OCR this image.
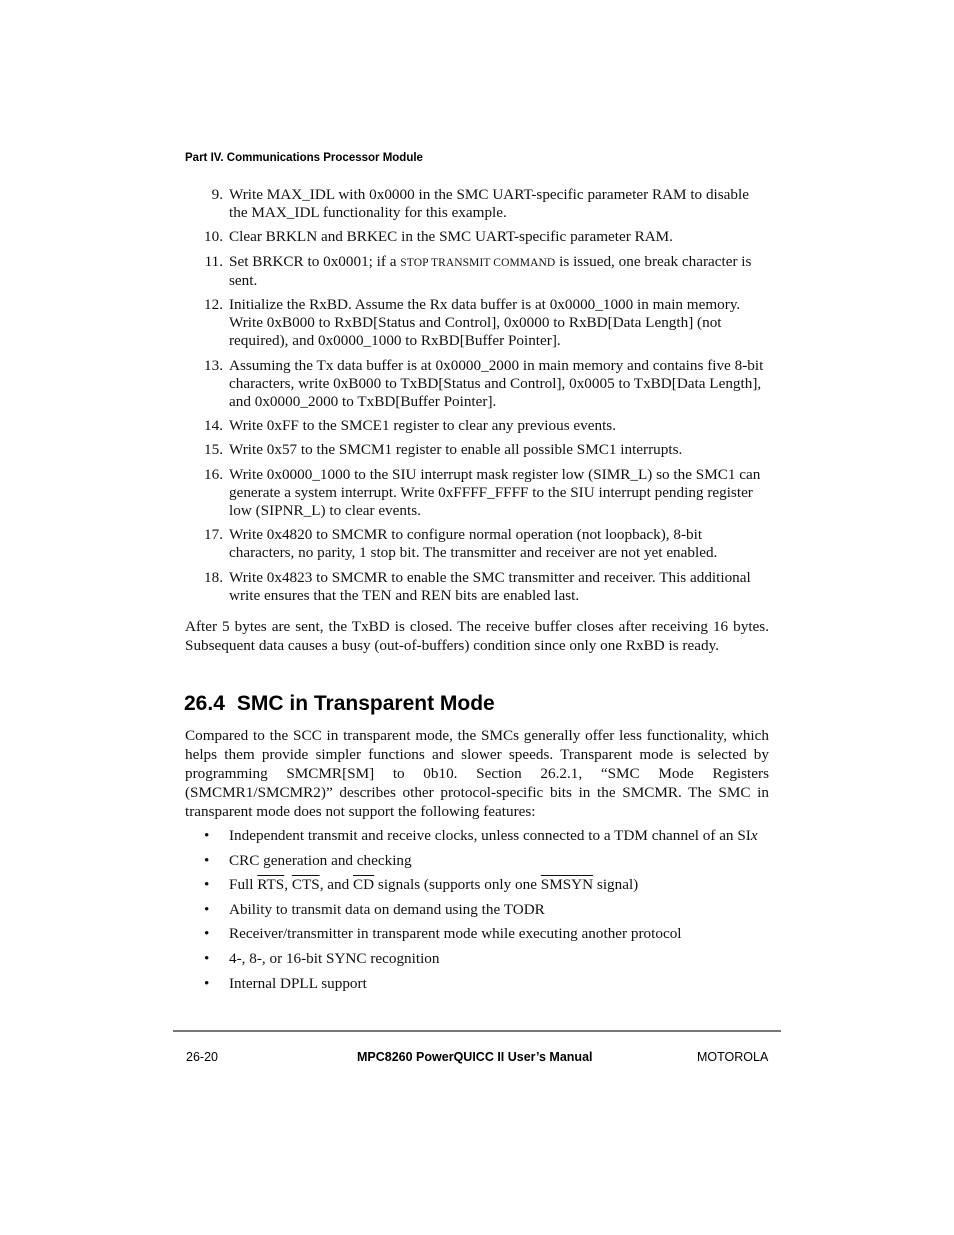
Part IV. Communications Processor Module
9. Write MAX_IDL with 0x0000 in the SMC UART-specific parameter RAM to disable the MAX_IDL functionality for this example.
10. Clear BRKLN and BRKEC in the SMC UART-specific parameter RAM.
11. Set BRKCR to 0x0001; if a STOP TRANSMIT COMMAND is issued, one break character is sent.
12. Initialize the RxBD. Assume the Rx data buffer is at 0x0000_1000 in main memory. Write 0xB000 to RxBD[Status and Control], 0x0000 to RxBD[Data Length] (not required), and 0x0000_1000 to RxBD[Buffer Pointer].
13. Assuming the Tx data buffer is at 0x0000_2000 in main memory and contains five 8-bit characters, write 0xB000 to TxBD[Status and Control], 0x0005 to TxBD[Data Length], and 0x0000_2000 to TxBD[Buffer Pointer].
14. Write 0xFF to the SMCE1 register to clear any previous events.
15. Write 0x57 to the SMCM1 register to enable all possible SMC1 interrupts.
16. Write 0x0000_1000 to the SIU interrupt mask register low (SIMR_L) so the SMC1 can generate a system interrupt. Write 0xFFFF_FFFF to the SIU interrupt pending register low (SIPNR_L) to clear events.
17. Write 0x4820 to SMCMR to configure normal operation (not loopback), 8-bit characters, no parity, 1 stop bit. The transmitter and receiver are not yet enabled.
18. Write 0x4823 to SMCMR to enable the SMC transmitter and receiver. This additional write ensures that the TEN and REN bits are enabled last.

After 5 bytes are sent, the TxBD is closed. The receive buffer closes after receiving 16 bytes. Subsequent data causes a busy (out-of-buffers) condition since only one RxBD is ready.

26.4 SMC in Transparent Mode

Compared to the SCC in transparent mode, the SMCs generally offer less functionality, which helps them provide simpler functions and slower speeds. Transparent mode is selected by programming SMCMR[SM] to 0b10. Section 26.2.1, “SMC Mode Registers (SMCMR1/SMCMR2)” describes other protocol-specific bits in the SMCMR. The SMC in transparent mode does not support the following features:

• Independent transmit and receive clocks, unless connected to a TDM channel of an SIx
• CRC generation and checking
• Full $\overline{RTS}$, $\overline{CTS}$, and $\overline{CD}$ signals (supports only one SMSYN signal)
• Ability to transmit data on demand using the TODR
• Receiver/transmitter in transparent mode while executing another protocol
• 4-, 8-, or 16-bit SYNC recognition
• Internal DPLL support
26-20	MPC8260 PowerQUICC II User’s Manual	MOTOROLA
